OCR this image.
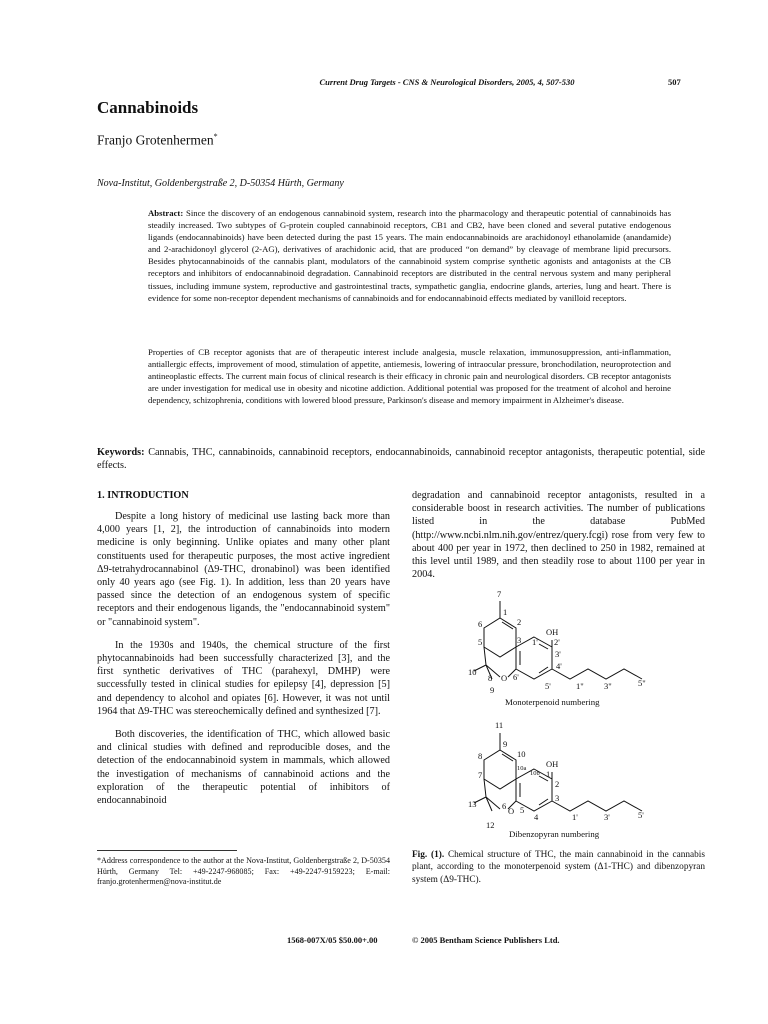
Current Drug Targets - CNS & Neurological Disorders, 2005, 4, 507-530	507
Cannabinoids
Franjo Grotenhermen*
Nova-Institut, Goldenbergstraße 2, D-50354 Hürth, Germany
Abstract: Since the discovery of an endogenous cannabinoid system, research into the pharmacology and therapeutic potential of cannabinoids has steadily increased. Two subtypes of G-protein coupled cannabinoid receptors, CB1 and CB2, have been cloned and several putative endogenous ligands (endocannabinoids) have been detected during the past 15 years. The main endocannabinoids are arachidonoyl ethanolamide (anandamide) and 2-arachidonoyl glycerol (2-AG), derivatives of arachidonic acid, that are produced “on demand” by cleavage of membrane lipid precursors. Besides phytocannabinoids of the cannabis plant, modulators of the cannabinoid system comprise synthetic agonists and antagonists at the CB receptors and inhibitors of endocannabinoid degradation. Cannabinoid receptors are distributed in the central nervous system and many peripheral tissues, including immune system, reproductive and gastrointestinal tracts, sympathetic ganglia, endocrine glands, arteries, lung and heart. There is evidence for some non-receptor dependent mechanisms of cannabinoids and for endocannabinoid effects mediated by vanilloid receptors.
Properties of CB receptor agonists that are of therapeutic interest include analgesia, muscle relaxation, immunosuppression, anti-inflammation, antiallergic effects, improvement of mood, stimulation of appetite, antiemesis, lowering of intraocular pressure, bronchodilation, neuroprotection and antineoplastic effects. The current main focus of clinical research is their efficacy in chronic pain and neurological disorders. CB receptor antagonists are under investigation for medical use in obesity and nicotine addiction. Additional potential was proposed for the treatment of alcohol and heroine dependency, schizophrenia, conditions with lowered blood pressure, Parkinson's disease and memory impairment in Alzheimer's disease.
Keywords: Cannabis, THC, cannabinoids, cannabinoid receptors, endocannabinoids, cannabinoid receptor antagonists, therapeutic potential, side effects.
1. INTRODUCTION

Despite a long history of medicinal use lasting back more than 4,000 years [1, 2], the introduction of cannabinoids into modern medicine is only beginning. Unlike opiates and many other plant constituents used for therapeutic purposes, the most active ingredient Δ9-tetrahydrocannabinol (Δ9-THC, dronabinol) was been identified only 40 years ago (see Fig. 1). In addition, less than 20 years have passed since the detection of an endogenous system of specific receptors and their endogenous ligands, the "endocannabinoid system" or "cannabinoid system".

In the 1930s and 1940s, the chemical structure of the first phytocannabinoids had been successfully characterized [3], and the first synthetic derivatives of THC (parahexyl, DMHP) were successfully tested in clinical studies for epilepsy [4], depression [5] and dependency to alcohol and opiates [6]. However, it was not until 1964 that Δ9-THC was stereochemically defined and synthesized [7].

Both discoveries, the identification of THC, which allowed basic and clinical studies with defined and reproducible doses, and the detection of the endocannabinoid system in mammals, which allowed the investigation of mechanisms of cannabinoid actions and the exploration of the therapeutic potential of inhibitors of endocannabinoid

degradation and cannabinoid receptor antagonists, resulted in a considerable boost in research activities. The number of publications listed in the database PubMed (http://www.ncbi.nlm.nih.gov/entrez/query.fcgi) rose from very few to about 400 per year in 1972, then declined to 250 in 1982, remained at this level until 1989, and then steadily rose to about 1100 per year in 2004.

7
1
6	2
OH
5	3 1' 2'
3'
4'
10
8 O 6'
5'	1" 3"	5"
9
11
9
8	10
OH
10a
10b 1
7
2
3
13	6 O 5
4	1'	3'	5'
12
Monoterpenoid numbering
Dibenzopyran numbering
Fig. (1). Chemical structure of THC, the main cannabinoid in the cannabis plant, according to the monoterpenoid system (Δ1-THC) and dibenzopyran system (Δ9-THC).
*Address correspondence to the author at the Nova-Institut, Goldenbergstraße 2, D-50354 Hürth, Germany Tel: +49-2247-968085; Fax: +49-2247-9159223; E-mail: franjo.grotenhermen@nova-institut.de
1568-007X/05 $50.00+.00	© 2005 Bentham Science Publishers Ltd.
